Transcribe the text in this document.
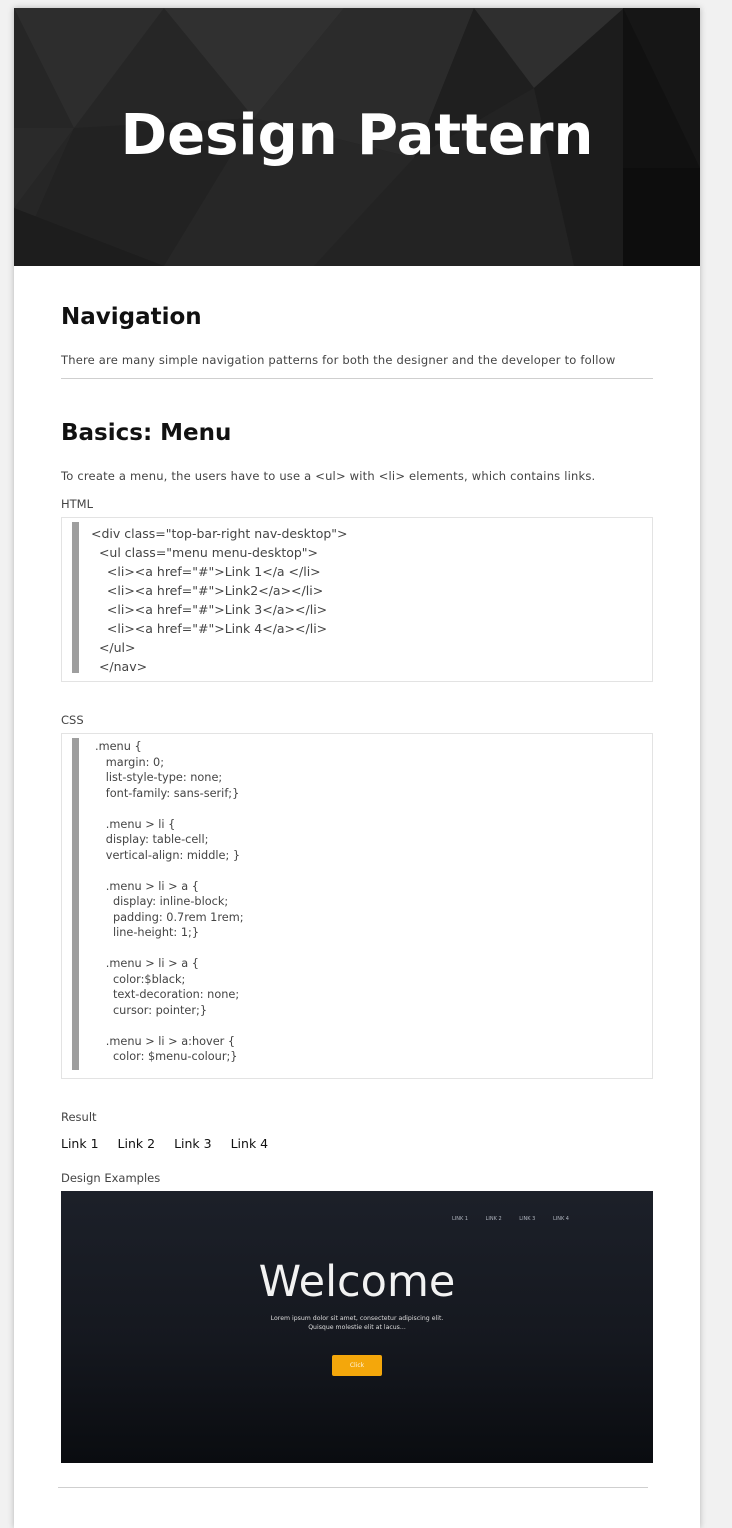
Design Pattern
Navigation
There are many simple navigation patterns for both the designer and the developer to follow
Basics: Menu
To create a menu, the users have to use a <ul> with <li> elements, which contains links.
HTML
<div class="top-bar-right nav-desktop">
<ul class="menu menu-desktop">
<li><a href="#">Link 1</a </li>
<li><a href="#">Link2</a></li>
<li><a href="#">Link 3</a></li>
<li><a href="#">Link 4</a></li>
</ul>
</nav>
CSS
.menu {
margin: 0;
list-style-type: none;
font-family: sans-serif;}
.menu > li {
display: table-cell;
vertical-align: middle; }
.menu > li > a {
display: inline-block;
padding: 0.7rem 1rem;
line-height: 1;}
.menu > li > a {
color:$black;
text-decoration: none;
cursor: pointer;}
.menu > li > a:hover {
color: $menu-colour;}
Result
Link 1 Link 2 Link 3 Link 4
Design Examples
LINK 1	LINK 2	LINK 3	LINK 4
Welcome
Lorem ipsum dolor sit amet, consectetur adipiscing elit.
Quisque molestie elit at lacus...
Click
